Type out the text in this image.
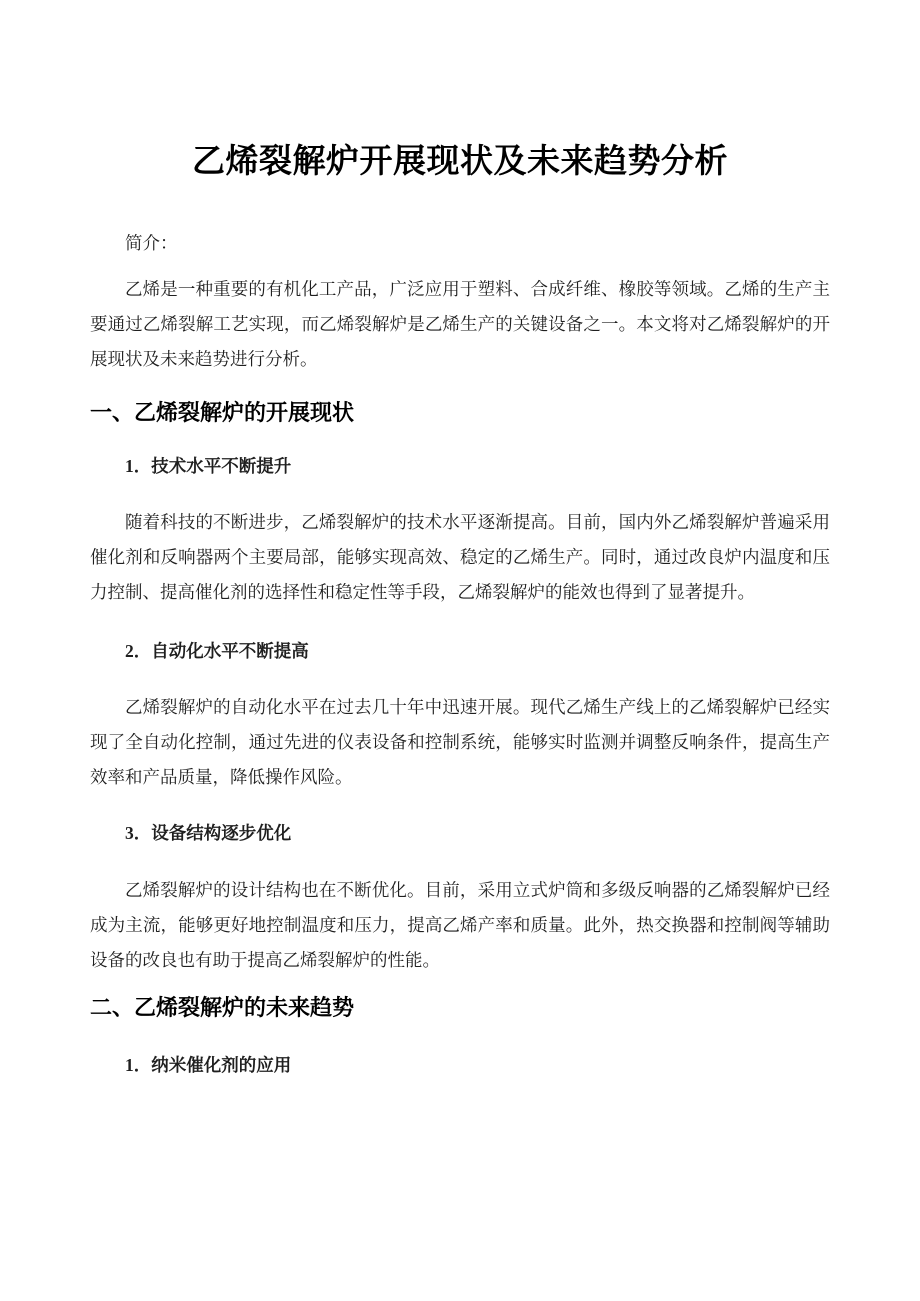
乙烯裂解炉开展现状及未来趋势分析

简介：

乙烯是一种重要的有机化工产品，广泛应用于塑料、合成纤维、橡胶等领域。乙烯的生产主要通过乙烯裂解工艺实现，而乙烯裂解炉是乙烯生产的关键设备之一。本文将对乙烯裂解炉的开展现状及未来趋势进行分析。

一、乙烯裂解炉的开展现状
1．技术水平不断提升

随着科技的不断进步，乙烯裂解炉的技术水平逐渐提高。目前，国内外乙烯裂解炉普遍采用催化剂和反响器两个主要局部，能够实现高效、稳定的乙烯生产。同时，通过改良炉内温度和压力控制、提高催化剂的选择性和稳定性等手段，乙烯裂解炉的能效也得到了显著提升。

2．自动化水平不断提高

乙烯裂解炉的自动化水平在过去几十年中迅速开展。现代乙烯生产线上的乙烯裂解炉已经实现了全自动化控制，通过先进的仪表设备和控制系统，能够实时监测并调整反响条件，提高生产效率和产品质量，降低操作风险。

3．设备结构逐步优化

乙烯裂解炉的设计结构也在不断优化。目前，采用立式炉筒和多级反响器的乙烯裂解炉已经成为主流，能够更好地控制温度和压力，提高乙烯产率和质量。此外，热交换器和控制阀等辅助设备的改良也有助于提高乙烯裂解炉的性能。

二、乙烯裂解炉的未来趋势
1．纳米催化剂的应用
